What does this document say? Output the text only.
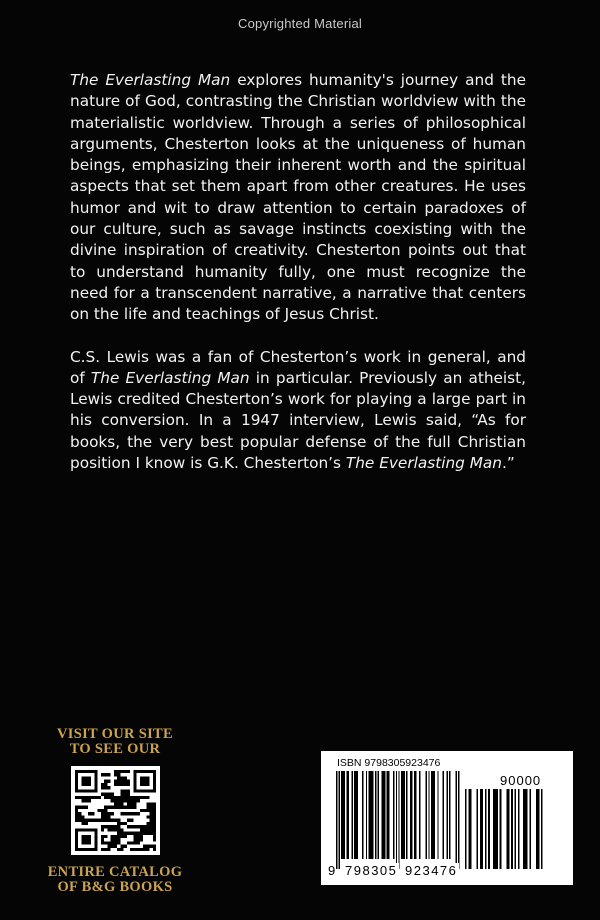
Copyrighted Material

The Everlasting Man explores humanity's journey and the nature of God, contrasting the Christian worldview with the materialistic worldview. Through a series of philosophical arguments, Chesterton looks at the uniqueness of human beings, emphasizing their inherent worth and the spiritual aspects that set them apart from other creatures. He uses humor and wit to draw attention to certain paradoxes of our culture, such as savage instincts coexisting with the divine inspiration of creativity. Chesterton points out that to understand humanity fully, one must recognize the need for a transcendent narrative, a narrative that centers on the life and teachings of Jesus Christ.

C.S. Lewis was a fan of Chesterton’s work in general, and of The Everlasting Man in particular. Previously an atheist, Lewis credited Chesterton’s work for playing a large part in his conversion. In a 1947 interview, Lewis said, “As for books, the very best popular defense of the full Christian position I know is G.K. Chesterton’s The Everlasting Man.”

VISIT OUR SITE
TO SEE OUR
ENTIRE CATALOG
OF B&G BOOKS
ISBN 9798305923476
90000
9 798305 923476
